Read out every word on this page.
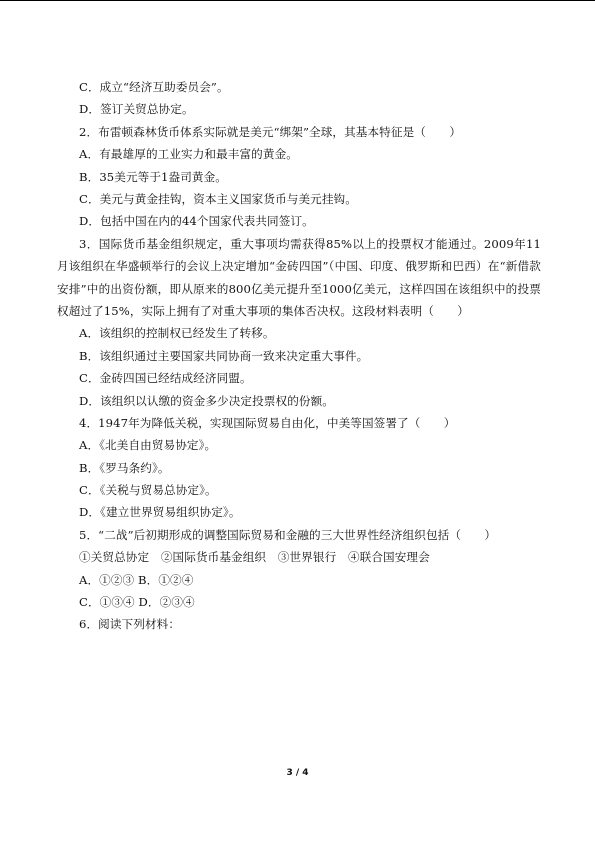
C．成立“经济互助委员会”。
D．签订关贸总协定。
2．布雷顿森林货币体系实际就是美元“绑架”全球，其基本特征是（　　）
A．有最雄厚的工业实力和最丰富的黄金。
B．35美元等于1盎司黄金。
C．美元与黄金挂钩，资本主义国家货币与美元挂钩。
D．包括中国在内的44个国家代表共同签订。
3．国际货币基金组织规定，重大事项均需获得85%以上的投票权才能通过。2009年11月该组织在华盛顿举行的会议上决定增加“金砖四国”（中国、印度、俄罗斯和巴西）在“新借款安排”中的出资份额，即从原来的800亿美元提升至1000亿美元，这样四国在该组织中的投票权超过了15%，实际上拥有了对重大事项的集体否决权。这段材料表明（　　）
A．该组织的控制权已经发生了转移。
B．该组织通过主要国家共同协商一致来决定重大事件。
C．金砖四国已经结成经济同盟。
D．该组织以认缴的资金多少决定投票权的份额。
4．1947年为降低关税，实现国际贸易自由化，中美等国签署了（　　）
A．《北美自由贸易协定》。
B．《罗马条约》。
C．《关税与贸易总协定》。
D．《建立世界贸易组织协定》。
5．“二战”后初期形成的调整国际贸易和金融的三大世界性经济组织包括（　　）
①关贸总协定　②国际货币基金组织　③世界银行　④联合国安理会
A．①②③ B．①②④
C．①③④ D．②③④
6．阅读下列材料：
3 / 4
